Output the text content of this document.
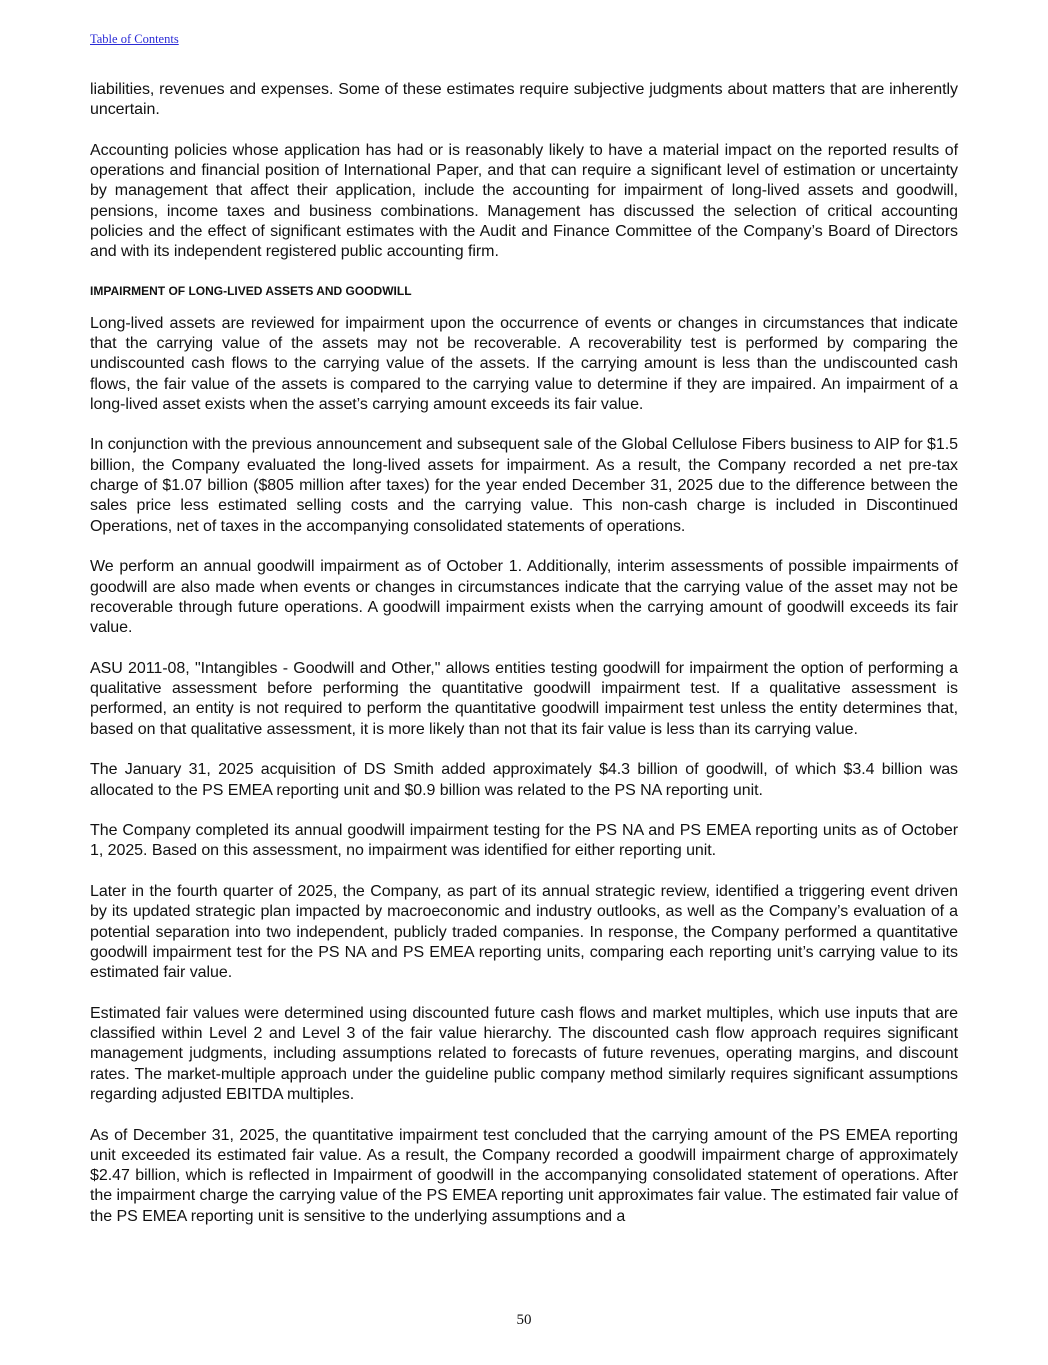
Table of Contents

liabilities, revenues and expenses. Some of these estimates require subjective judgments about matters that are inherently uncertain.

Accounting policies whose application has had or is reasonably likely to have a material impact on the reported results of operations and financial position of International Paper, and that can require a significant level of estimation or uncertainty by management that affect their application, include the accounting for impairment of long-lived assets and goodwill, pensions, income taxes and business combinations. Management has discussed the selection of critical accounting policies and the effect of significant estimates with the Audit and Finance Committee of the Company’s Board of Directors and with its independent registered public accounting firm.

IMPAIRMENT OF LONG-LIVED ASSETS AND GOODWILL

Long-lived assets are reviewed for impairment upon the occurrence of events or changes in circumstances that indicate that the carrying value of the assets may not be recoverable. A recoverability test is performed by comparing the undiscounted cash flows to the carrying value of the assets. If the carrying amount is less than the undiscounted cash flows, the fair value of the assets is compared to the carrying value to determine if they are impaired. An impairment of a long-lived asset exists when the asset’s carrying amount exceeds its fair value.

In conjunction with the previous announcement and subsequent sale of the Global Cellulose Fibers business to AIP for $1.5 billion, the Company evaluated the long-lived assets for impairment. As a result, the Company recorded a net pre-tax charge of $1.07 billion ($805 million after taxes) for the year ended December 31, 2025 due to the difference between the sales price less estimated selling costs and the carrying value. This non-cash charge is included in Discontinued Operations, net of taxes in the accompanying consolidated statements of operations.

We perform an annual goodwill impairment as of October 1. Additionally, interim assessments of possible impairments of goodwill are also made when events or changes in circumstances indicate that the carrying value of the asset may not be recoverable through future operations. A goodwill impairment exists when the carrying amount of goodwill exceeds its fair value.

ASU 2011-08, "Intangibles - Goodwill and Other," allows entities testing goodwill for impairment the option of performing a qualitative assessment before performing the quantitative goodwill impairment test. If a qualitative assessment is performed, an entity is not required to perform the quantitative goodwill impairment test unless the entity determines that, based on that qualitative assessment, it is more likely than not that its fair value is less than its carrying value.

The January 31, 2025 acquisition of DS Smith added approximately $4.3 billion of goodwill, of which $3.4 billion was allocated to the PS EMEA reporting unit and $0.9 billion was related to the PS NA reporting unit.

The Company completed its annual goodwill impairment testing for the PS NA and PS EMEA reporting units as of October 1, 2025. Based on this assessment, no impairment was identified for either reporting unit.

Later in the fourth quarter of 2025, the Company, as part of its annual strategic review, identified a triggering event driven by its updated strategic plan impacted by macroeconomic and industry outlooks, as well as the Company’s evaluation of a potential separation into two independent, publicly traded companies. In response, the Company performed a quantitative goodwill impairment test for the PS NA and PS EMEA reporting units, comparing each reporting unit’s carrying value to its estimated fair value.

Estimated fair values were determined using discounted future cash flows and market multiples, which use inputs that are classified within Level 2 and Level 3 of the fair value hierarchy. The discounted cash flow approach requires significant management judgments, including assumptions related to forecasts of future revenues, operating margins, and discount rates. The market-multiple approach under the guideline public company method similarly requires significant assumptions regarding adjusted EBITDA multiples.

As of December 31, 2025, the quantitative impairment test concluded that the carrying amount of the PS EMEA reporting unit exceeded its estimated fair value. As a result, the Company recorded a goodwill impairment charge of approximately $2.47 billion, which is reflected in Impairment of goodwill in the accompanying consolidated statement of operations. After the impairment charge the carrying value of the PS EMEA reporting unit approximates fair value. The estimated fair value of the PS EMEA reporting unit is sensitive to the underlying assumptions and a

50
